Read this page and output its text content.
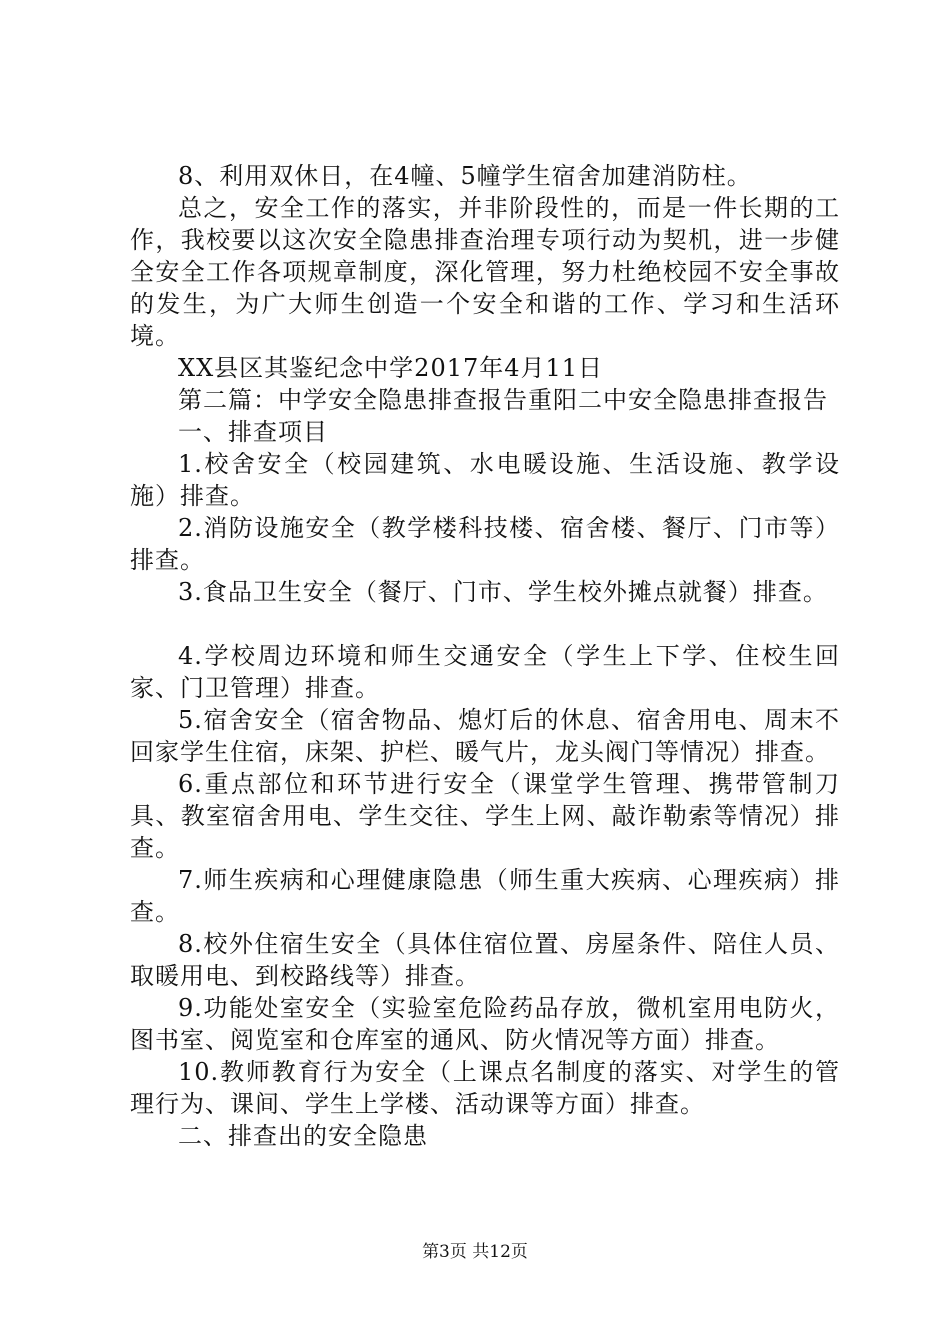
8、利用双休日，在4幢、5幢学生宿舍加建消防柱。

总之，安全工作的落实，并非阶段性的，而是一件长期的工作，我校要以这次安全隐患排查治理专项行动为契机，进一步健全安全工作各项规章制度，深化管理，努力杜绝校园不安全事故的发生，为广大师生创造一个安全和谐的工作、学习和生活环境。

XX县区其鉴纪念中学2017年4月11日

第二篇：中学安全隐患排查报告重阳二中安全隐患排查报告

一、排查项目

1.校舍安全（校园建筑、水电暖设施、生活设施、教学设施）排查。

2.消防设施安全（教学楼科技楼、宿舍楼、餐厅、门市等）排查。

3.食品卫生安全（餐厅、门市、学生校外摊点就餐）排查。

4.学校周边环境和师生交通安全（学生上下学、住校生回家、门卫管理）排查。

5.宿舍安全（宿舍物品、熄灯后的休息、宿舍用电、周末不回家学生住宿，床架、护栏、暖气片，龙头阀门等情况）排查。

6.重点部位和环节进行安全（课堂学生管理、携带管制刀具、教室宿舍用电、学生交往、学生上网、敲诈勒索等情况）排查。

7.师生疾病和心理健康隐患（师生重大疾病、心理疾病）排查。

8.校外住宿生安全（具体住宿位置、房屋条件、陪住人员、取暖用电、到校路线等）排查。

9.功能处室安全（实验室危险药品存放，微机室用电防火，图书室、阅览室和仓库室的通风、防火情况等方面）排查。

10.教师教育行为安全（上课点名制度的落实、对学生的管理行为、课间、学生上学楼、活动课等方面）排查。

二、排查出的安全隐患

第3页 共12页
